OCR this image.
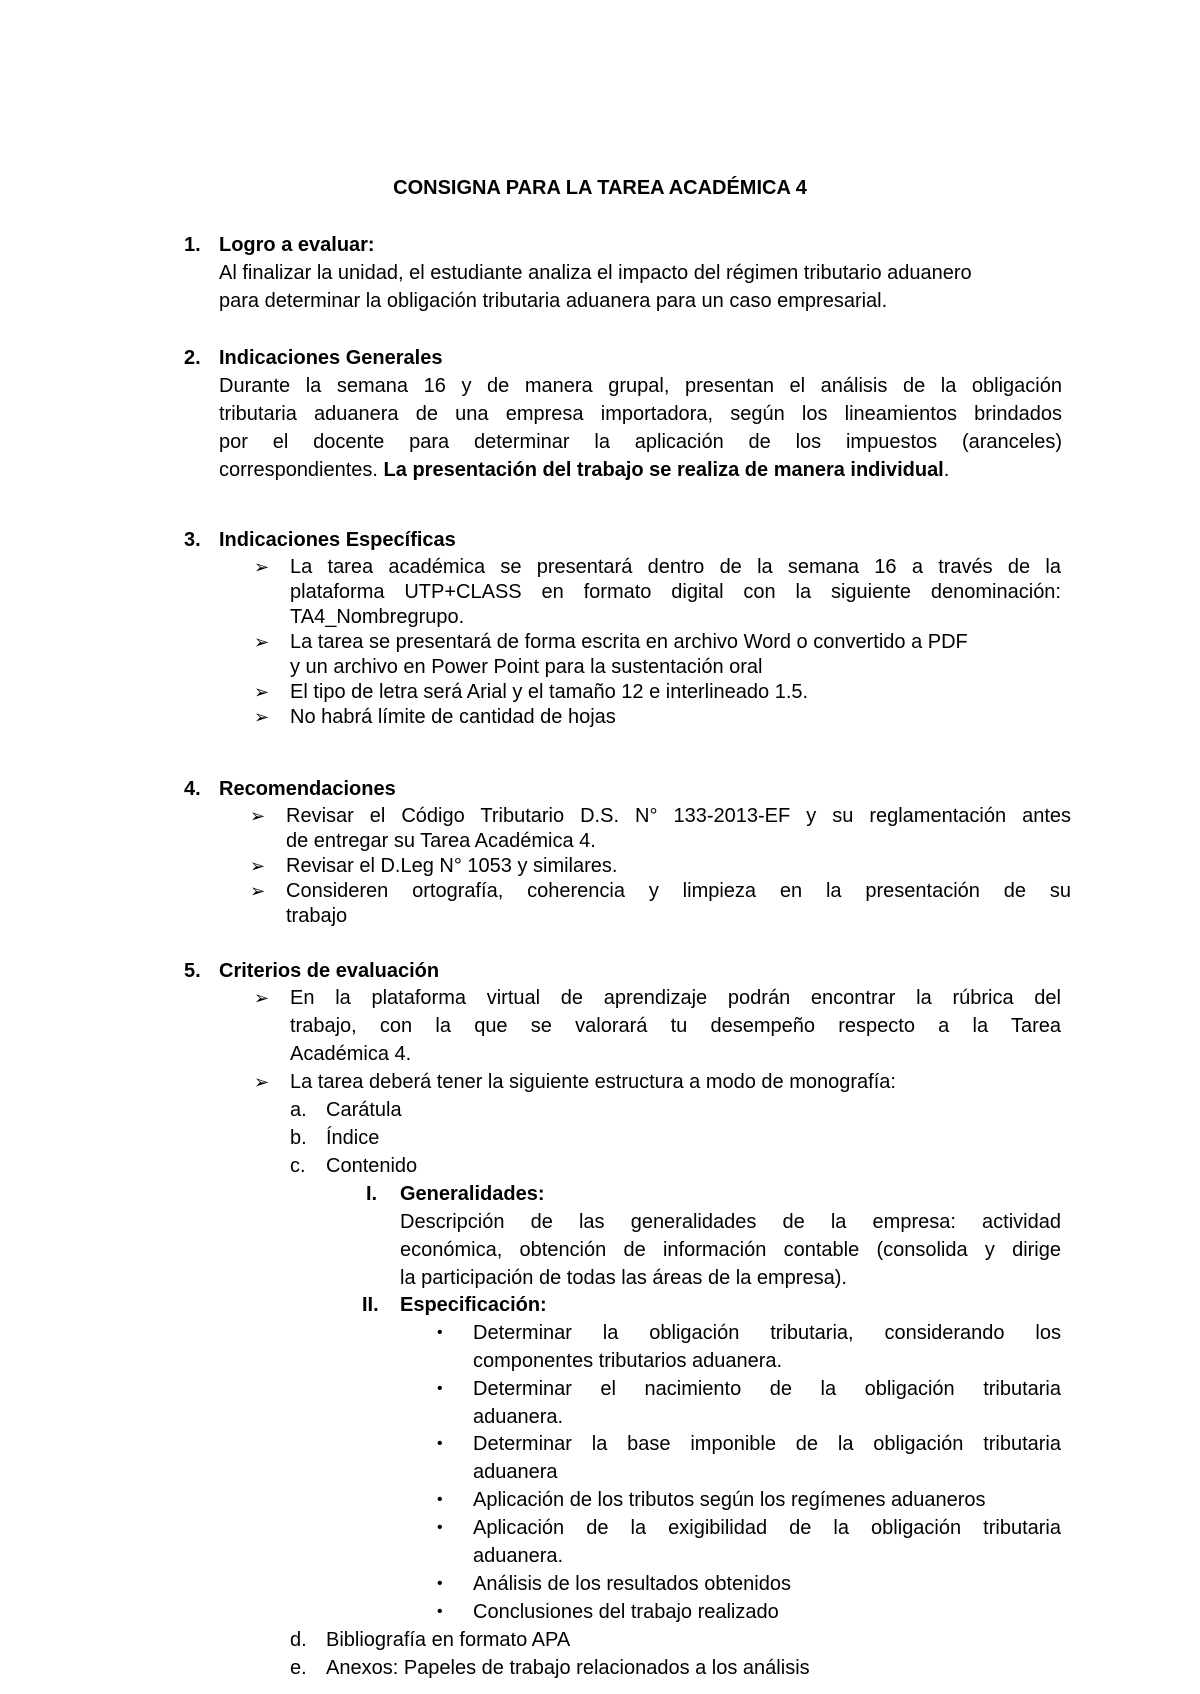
CONSIGNA PARA LA TAREA ACADÉMICA 4
1. Logro a evaluar:
Al finalizar la unidad, el estudiante analiza el impacto del régimen tributario aduanero
para determinar la obligación tributaria aduanera para un caso empresarial.
2. Indicaciones Generales
Durante la semana 16 y de manera grupal, presentan el análisis de la obligación
tributaria aduanera de una empresa importadora, según los lineamientos brindados
por el docente para determinar la aplicación de los impuestos (aranceles)
correspondientes. La presentación del trabajo se realiza de manera individual.
3. Indicaciones Específicas
➢ La tarea académica se presentará dentro de la semana 16 a través de la
plataforma UTP+CLASS en formato digital con la siguiente denominación:
TA4_Nombregrupo.
➢ La tarea se presentará de forma escrita en archivo Word o convertido a PDF
y un archivo en Power Point para la sustentación oral
➢ El tipo de letra será Arial y el tamaño 12 e interlineado 1.5.
➢ No habrá límite de cantidad de hojas
4. Recomendaciones
➢ Revisar el Código Tributario D.S. N° 133-2013-EF y su reglamentación antes
de entregar su Tarea Académica 4.
➢ Revisar el D.Leg N° 1053 y similares.
➢ Consideren ortografía, coherencia y limpieza en la presentación de su
trabajo
5. Criterios de evaluación
➢ En la plataforma virtual de aprendizaje podrán encontrar la rúbrica del
trabajo, con la que se valorará tu desempeño respecto a la Tarea
Académica 4.
➢ La tarea deberá tener la siguiente estructura a modo de monografía:
a. Carátula
b. Índice
c. Contenido
I. Generalidades:
Descripción de las generalidades de la empresa: actividad
económica, obtención de información contable (consolida y dirige
la participación de todas las áreas de la empresa).
II. Especificación:
• Determinar la obligación tributaria, considerando los
componentes tributarios aduanera.
• Determinar el nacimiento de la obligación tributaria
aduanera.
• Determinar la base imponible de la obligación tributaria
aduanera
• Aplicación de los tributos según los regímenes aduaneros
• Aplicación de la exigibilidad de la obligación tributaria
aduanera.
• Análisis de los resultados obtenidos
• Conclusiones del trabajo realizado
d. Bibliografía en formato APA
e. Anexos: Papeles de trabajo relacionados a los análisis
